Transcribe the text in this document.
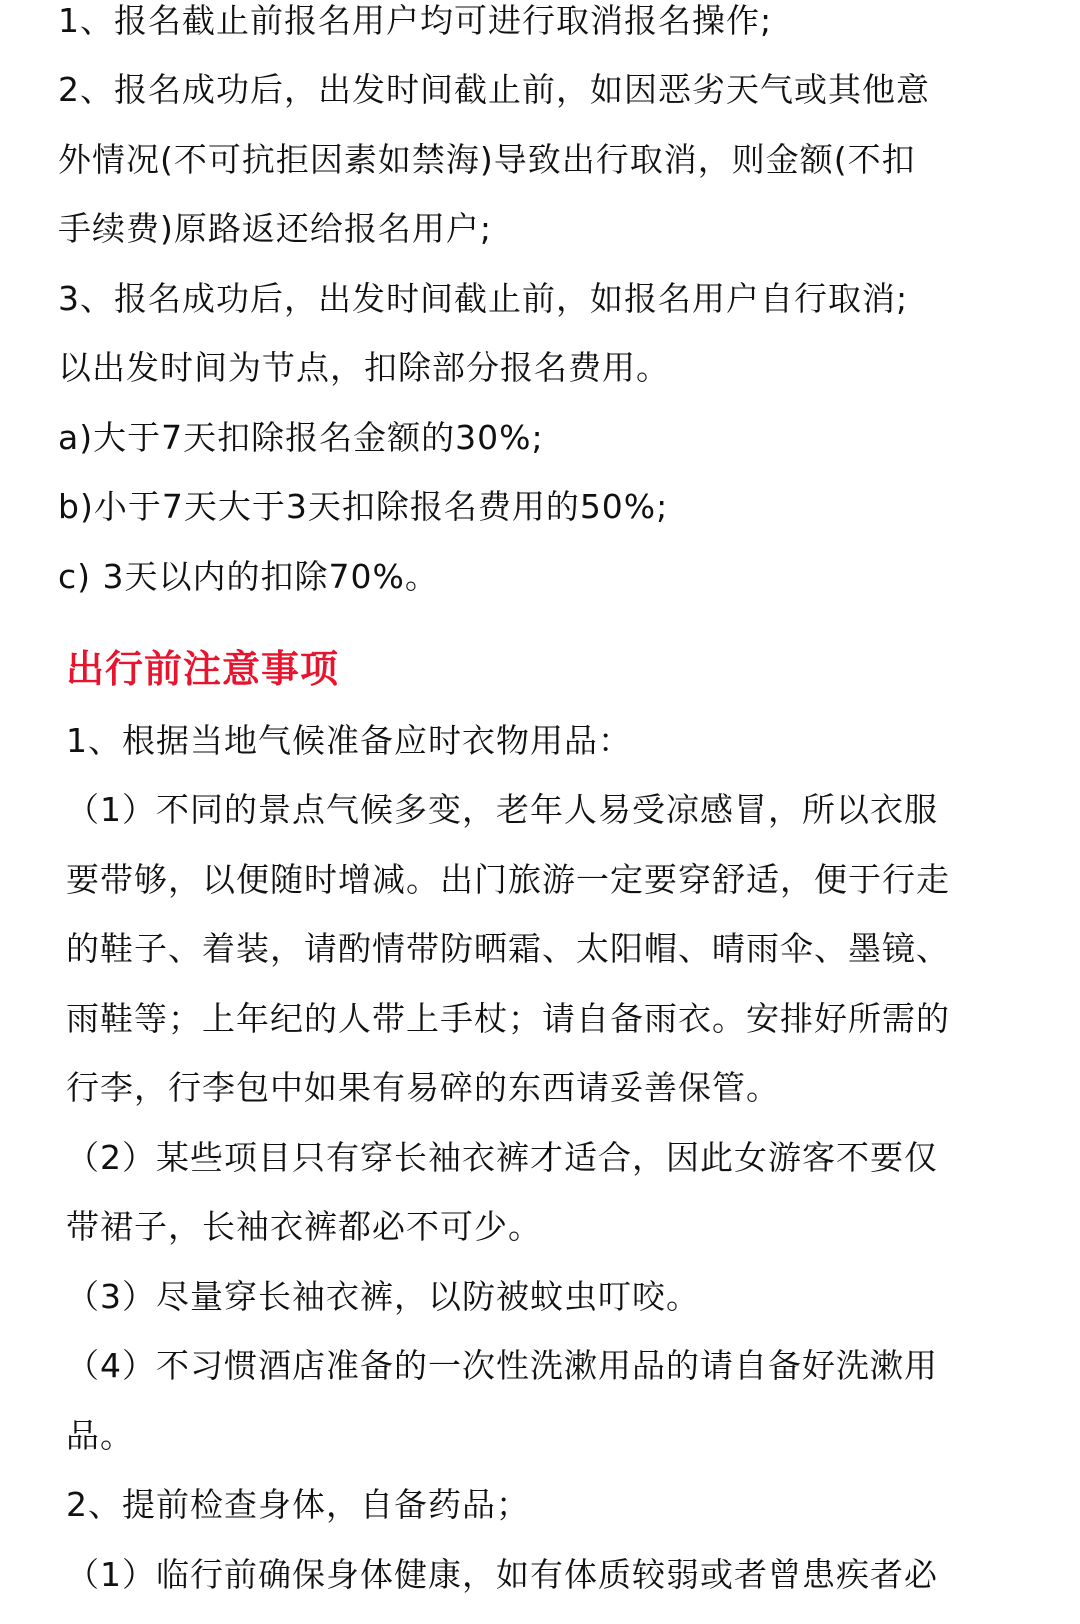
1、报名截止前报名用户均可进行取消报名操作;
2、报名成功后，出发时间截止前，如因恶劣天气或其他意
外情况(不可抗拒因素如禁海)导致出行取消，则金额(不扣
手续费)原路返还给报名用户;
3、报名成功后，出发时间截止前，如报名用户自行取消;
以出发时间为节点，扣除部分报名费用。
a)大于7天扣除报名金额的30%;
b)小于7天大于3天扣除报名费用的50%;
c) 3天以内的扣除70%。
出行前注意事项
1、根据当地气候准备应时衣物用品：
（1）不同的景点气候多变，老年人易受凉感冒，所以衣服
要带够，以便随时增减。出门旅游一定要穿舒适，便于行走
的鞋子、着装，请酌情带防晒霜、太阳帽、晴雨伞、墨镜、
雨鞋等；上年纪的人带上手杖；请自备雨衣。安排好所需的
行李，行李包中如果有易碎的东西请妥善保管。
（2）某些项目只有穿长袖衣裤才适合，因此女游客不要仅
带裙子，长袖衣裤都必不可少。
（3）尽量穿长袖衣裤，以防被蚊虫叮咬。
（4）不习惯酒店准备的一次性洗漱用品的请自备好洗漱用
品。
2、提前检查身体，自备药品；
（1）临行前确保身体健康，如有体质较弱或者曾患疾者必
